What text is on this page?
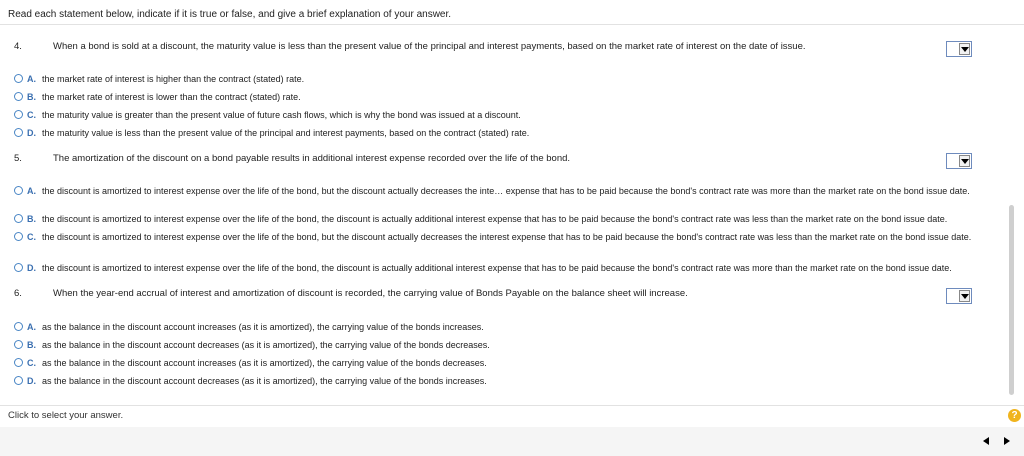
Read each statement below, indicate if it is true or false, and give a brief explanation of your answer.
4.	When a bond is sold at a discount, the maturity value is less than the present value of the principal and interest payments, based on the market rate of interest on the date of issue.
A. the market rate of interest is higher than the contract (stated) rate.
B. the market rate of interest is lower than the contract (stated) rate.
C. the maturity value is greater than the present value of future cash flows, which is why the bond was issued at a discount.
D. the maturity value is less than the present value of the principal and interest payments, based on the contract (stated) rate.
5.	The amortization of the discount on a bond payable results in additional interest expense recorded over the life of the bond.
A. the discount is amortized to interest expense over the life of the bond, but the discount actually decreases the inte… expense that has to be paid because the bond's contract rate was more than the market rate on the bond issue date.
B. the discount is amortized to interest expense over the life of the bond, the discount is actually additional interest expense that has to be paid because the bond's contract rate was less than the market rate on the bond issue date.
C. the discount is amortized to interest expense over the life of the bond, but the discount actually decreases the interest expense that has to be paid because the bond's contract rate was less than the market rate on the bond issue date.
D. the discount is amortized to interest expense over the life of the bond, the discount is actually additional interest expense that has to be paid because the bond's contract rate was more than the market rate on the bond issue date.
6.	When the year-end accrual of interest and amortization of discount is recorded, the carrying value of Bonds Payable on the balance sheet will increase.
A. as the balance in the discount account increases (as it is amortized), the carrying value of the bonds increases.
B. as the balance in the discount account decreases (as it is amortized), the carrying value of the bonds decreases.
C. as the balance in the discount account increases (as it is amortized), the carrying value of the bonds decreases.
D. as the balance in the discount account decreases (as it is amortized), the carrying value of the bonds increases.
Click to select your answer.	?
